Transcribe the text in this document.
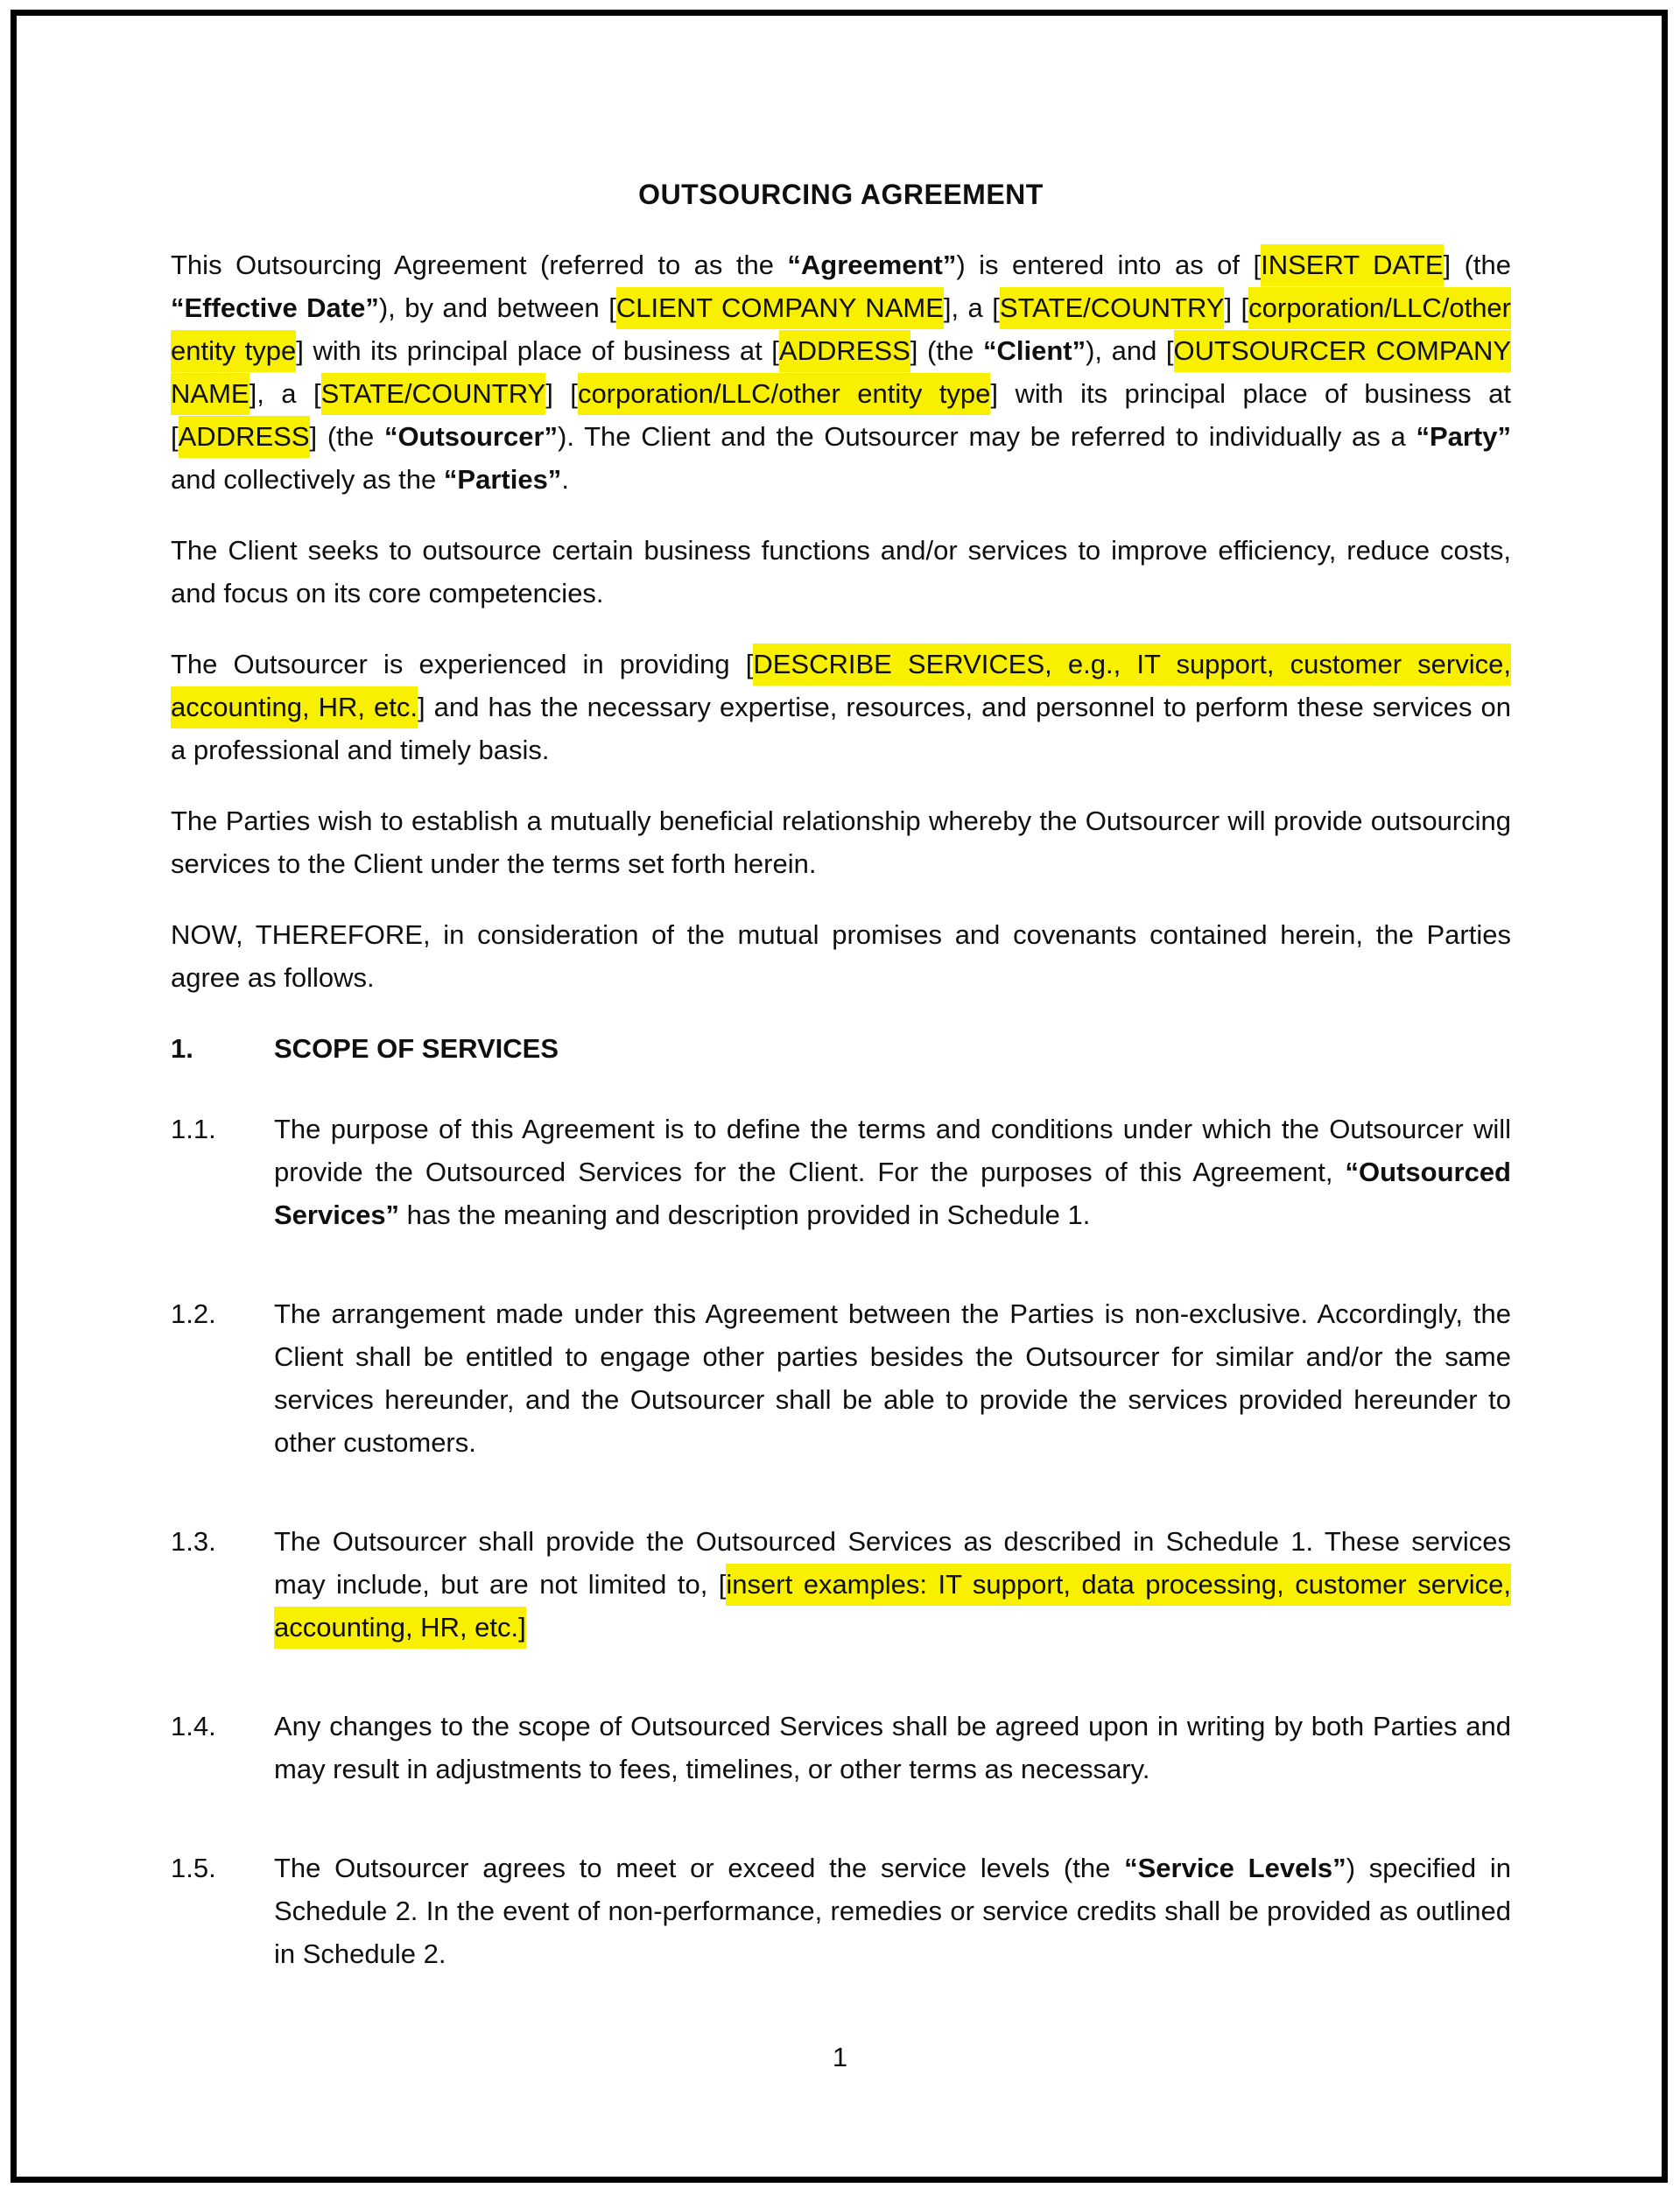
OUTSOURCING AGREEMENT

This Outsourcing Agreement (referred to as the “Agreement”) is entered into as of [INSERT DATE] (the “Effective Date”), by and between [CLIENT COMPANY NAME], a [STATE/COUNTRY] [corporation/LLC/other entity type] with its principal place of business at [ADDRESS] (the “Client”), and [OUTSOURCER COMPANY NAME], a [STATE/COUNTRY] [corporation/LLC/other entity type] with its principal place of business at [ADDRESS] (the “Outsourcer”). The Client and the Outsourcer may be referred to individually as a “Party” and collectively as the “Parties”.

The Client seeks to outsource certain business functions and/or services to improve efficiency, reduce costs, and focus on its core competencies.

The Outsourcer is experienced in providing [DESCRIBE SERVICES, e.g., IT support, customer service, accounting, HR, etc.] and has the necessary expertise, resources, and personnel to perform these services on a professional and timely basis.

The Parties wish to establish a mutually beneficial relationship whereby the Outsourcer will provide outsourcing services to the Client under the terms set forth herein.

NOW, THEREFORE, in consideration of the mutual promises and covenants contained herein, the Parties agree as follows.

1.	SCOPE OF SERVICES

1.1. The purpose of this Agreement is to define the terms and conditions under which the Outsourcer will provide the Outsourced Services for the Client. For the purposes of this Agreement, “Outsourced Services” has the meaning and description provided in Schedule 1.

1.2. The arrangement made under this Agreement between the Parties is non-exclusive. Accordingly, the Client shall be entitled to engage other parties besides the Outsourcer for similar and/or the same services hereunder, and the Outsourcer shall be able to provide the services provided hereunder to other customers.

1.3. The Outsourcer shall provide the Outsourced Services as described in Schedule 1. These services may include, but are not limited to, [insert examples: IT support, data processing, customer service, accounting, HR, etc.]

1.4. Any changes to the scope of Outsourced Services shall be agreed upon in writing by both Parties and may result in adjustments to fees, timelines, or other terms as necessary.

1.5. The Outsourcer agrees to meet or exceed the service levels (the “Service Levels”) specified in Schedule 2. In the event of non-performance, remedies or service credits shall be provided as outlined in Schedule 2.

1
